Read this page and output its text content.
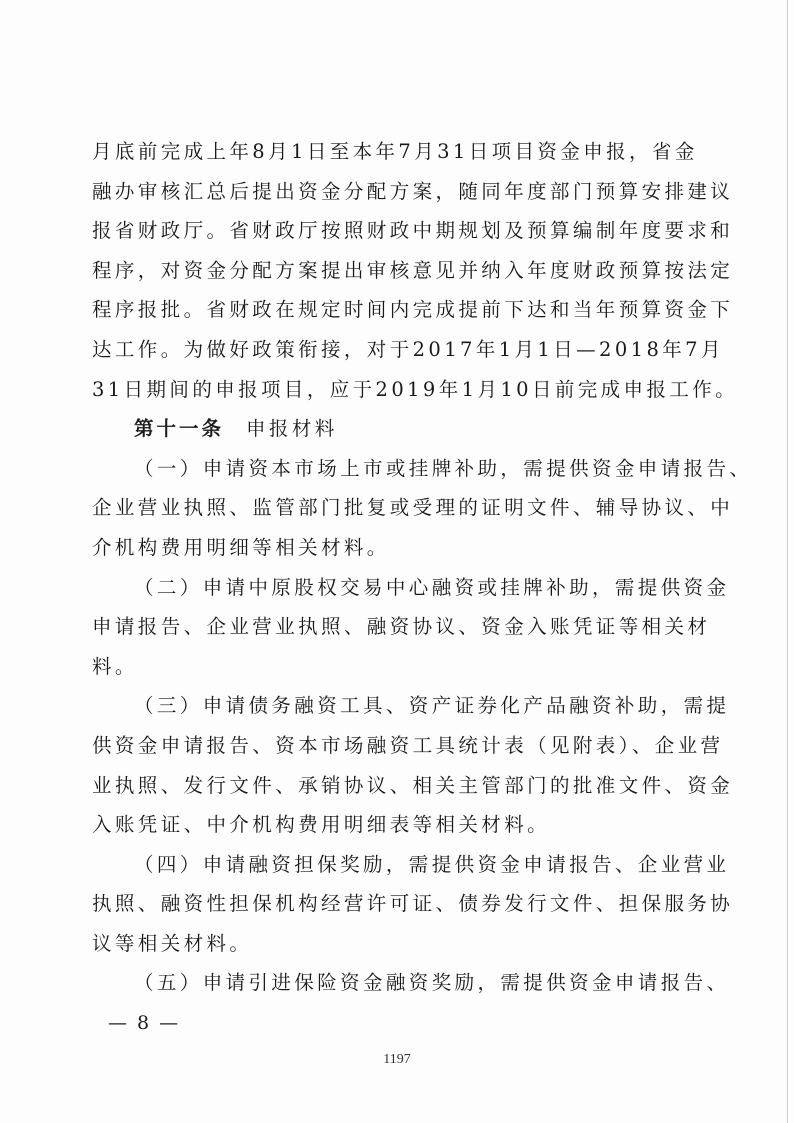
月底前完成上年8月1日至本年7月31日项目资金申报，省金
融办审核汇总后提出资金分配方案，随同年度部门预算安排建议
报省财政厅。省财政厅按照财政中期规划及预算编制年度要求和
程序，对资金分配方案提出审核意见并纳入年度财政预算按法定
程序报批。省财政在规定时间内完成提前下达和当年预算资金下
达工作。为做好政策衔接，对于2017年1月1日—2018年7月
31日期间的申报项目，应于2019年1月10日前完成申报工作。
第十一条 申报材料
（一）申请资本市场上市或挂牌补助，需提供资金申请报告、
企业营业执照、监管部门批复或受理的证明文件、辅导协议、中
介机构费用明细等相关材料。
（二）申请中原股权交易中心融资或挂牌补助，需提供资金
申请报告、企业营业执照、融资协议、资金入账凭证等相关材
料。
（三）申请债务融资工具、资产证券化产品融资补助，需提
供资金申请报告、资本市场融资工具统计表（见附表）、企业营
业执照、发行文件、承销协议、相关主管部门的批准文件、资金
入账凭证、中介机构费用明细表等相关材料。
（四）申请融资担保奖励，需提供资金申请报告、企业营业
执照、融资性担保机构经营许可证、债券发行文件、担保服务协
议等相关材料。
（五）申请引进保险资金融资奖励，需提供资金申请报告、
— 8 —
1197
